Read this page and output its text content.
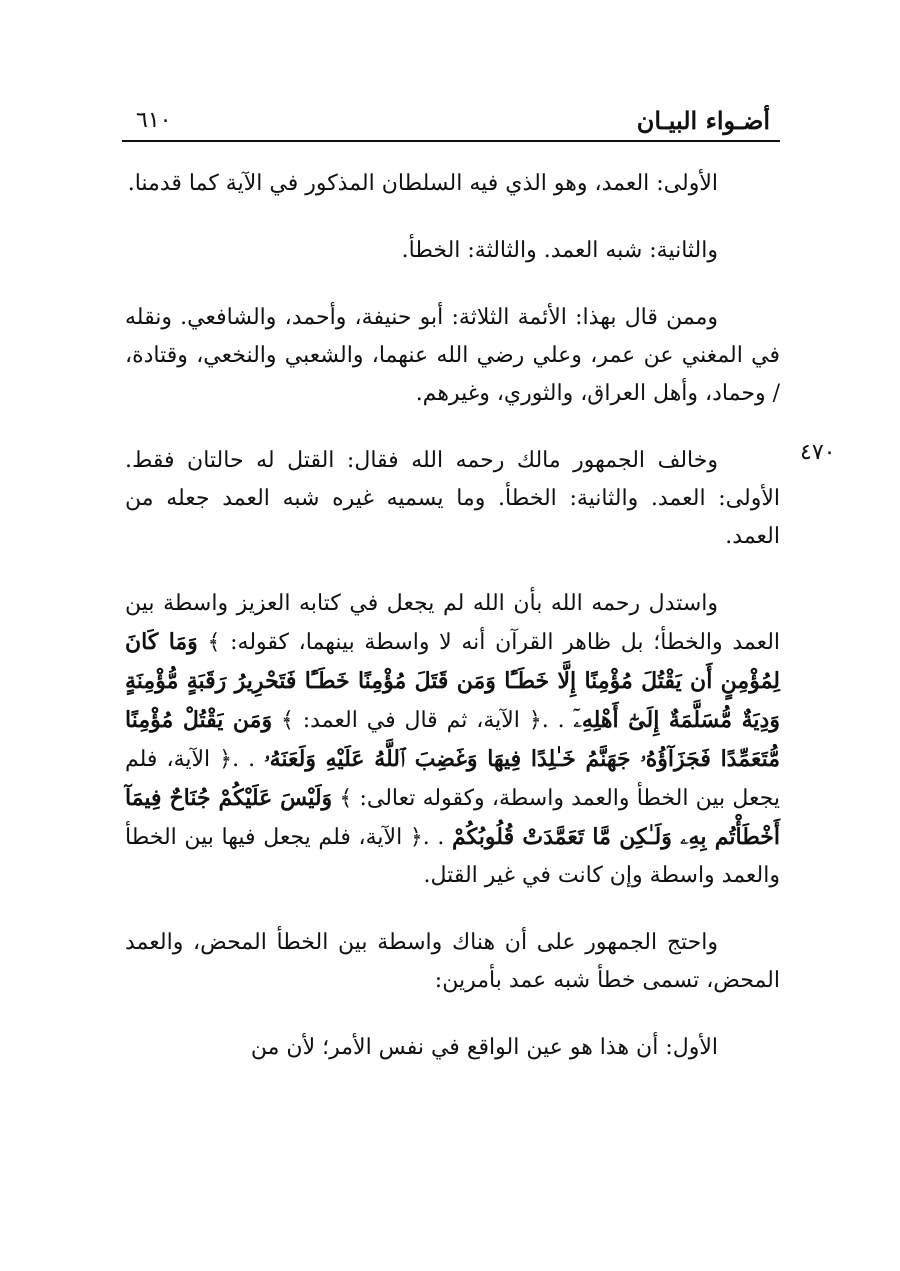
٦١٠	أضـواء البيـان
٤٧٠

الأولى: العمد، وهو الذي فيه السلطان المذكور في الآية كما قدمنا.

والثانية: شبه العمد. والثالثة: الخطأ.

وممن قال بهذا: الأئمة الثلاثة: أبو حنيفة، وأحمد، والشافعي. ونقله في المغني عن عمر، وعلي رضي الله عنهما، والشعبي والنخعي، وقتادة، / وحماد، وأهل العراق، والثوري، وغيرهم.

وخالف الجمهور مالك رحمه الله فقال: القتل له حالتان فقط. الأولى: العمد. والثانية: الخطأ. وما يسميه غيره شبه العمد جعله من العمد.

واستدل رحمه الله بأن الله لم يجعل في كتابه العزيز واسطة بين العمد والخطأ؛ بل ظاهر القرآن أنه لا واسطة بينهما، كقوله: ﴾ وَمَا كَانَ لِمُؤْمِنٍ أَن يَقْتُلَ مُؤْمِنًا إِلَّا خَطَـًٔا وَمَن قَتَلَ مُؤْمِنًا خَطَـًٔا فَتَحْرِيرُ رَقَبَةٍ مُّؤْمِنَةٍ وَدِيَةٌ مُّسَلَّمَةٌ إِلَىٰٓ أَهْلِهِۦٓ . .﴿ الآية، ثم قال في العمد: ﴾ وَمَن يَقْتُلْ مُؤْمِنًا مُّتَعَمِّدًا فَجَزَآؤُهُۥ جَهَنَّمُ خَـٰلِدًا فِيهَا وَغَضِبَ ٱللَّهُ عَلَيْهِ وَلَعَنَهُۥ . .﴿ الآية، فلم يجعل بين الخطأ والعمد واسطة، وكقوله تعالى: ﴾ وَلَيْسَ عَلَيْكُمْ جُنَاحٌ فِيمَآ أَخْطَأْتُم بِهِۦ وَلَـٰكِن مَّا تَعَمَّدَتْ قُلُوبُكُمْ . .﴿ الآية، فلم يجعل فيها بين الخطأ والعمد واسطة وإن كانت في غير القتل.

واحتج الجمهور على أن هناك واسطة بين الخطأ المحض، والعمد المحض، تسمى خطأ شبه عمد بأمرين:

الأول: أن هذا هو عين الواقع في نفس الأمر؛ لأن من
